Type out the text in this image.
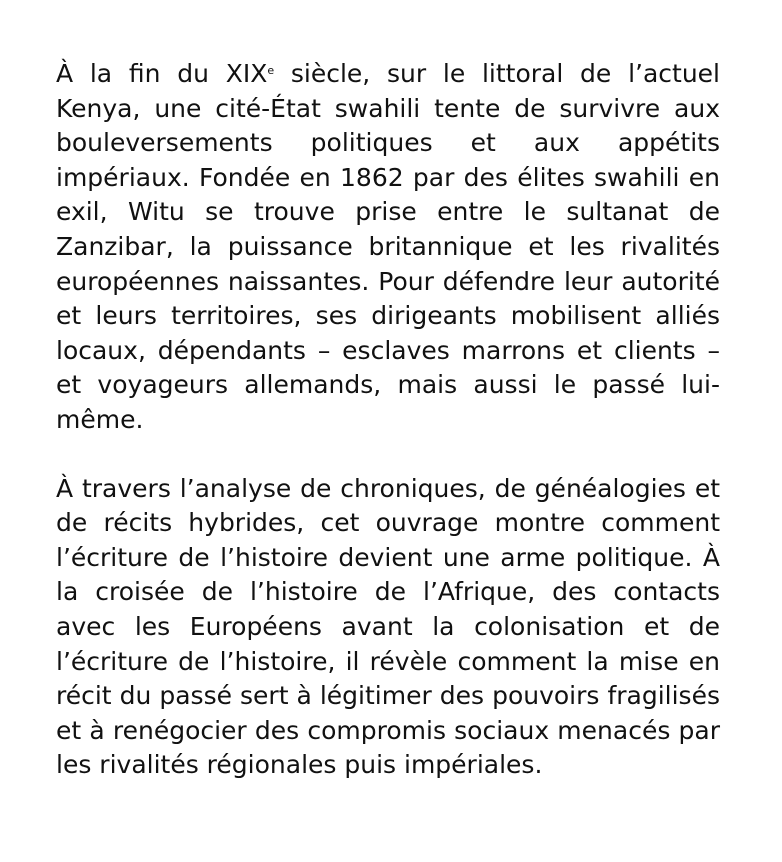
À la fin du XIXe siècle, sur le littoral de l’actuel Kenya, une cité-État swahili tente de survivre aux bouleversements politiques et aux appétits impériaux. Fondée en 1862 par des élites swahili en exil, Witu se trouve prise entre le sultanat de Zanzibar, la puissance britannique et les rivalités européennes naissantes. Pour défendre leur autorité et leurs territoires, ses dirigeants mobilisent alliés locaux, dépendants – esclaves marrons et clients – et voyageurs allemands, mais aussi le passé lui-même.

À travers l’analyse de chroniques, de généalogies et de récits hybrides, cet ouvrage montre comment l’écriture de l’histoire devient une arme politique. À la croisée de l’histoire de l’Afrique, des contacts avec les Européens avant la colonisation et de l’écriture de l’histoire, il révèle comment la mise en récit du passé sert à légitimer des pouvoirs fragilisés et à renégocier des compromis sociaux menacés par les rivalités régionales puis impériales.
